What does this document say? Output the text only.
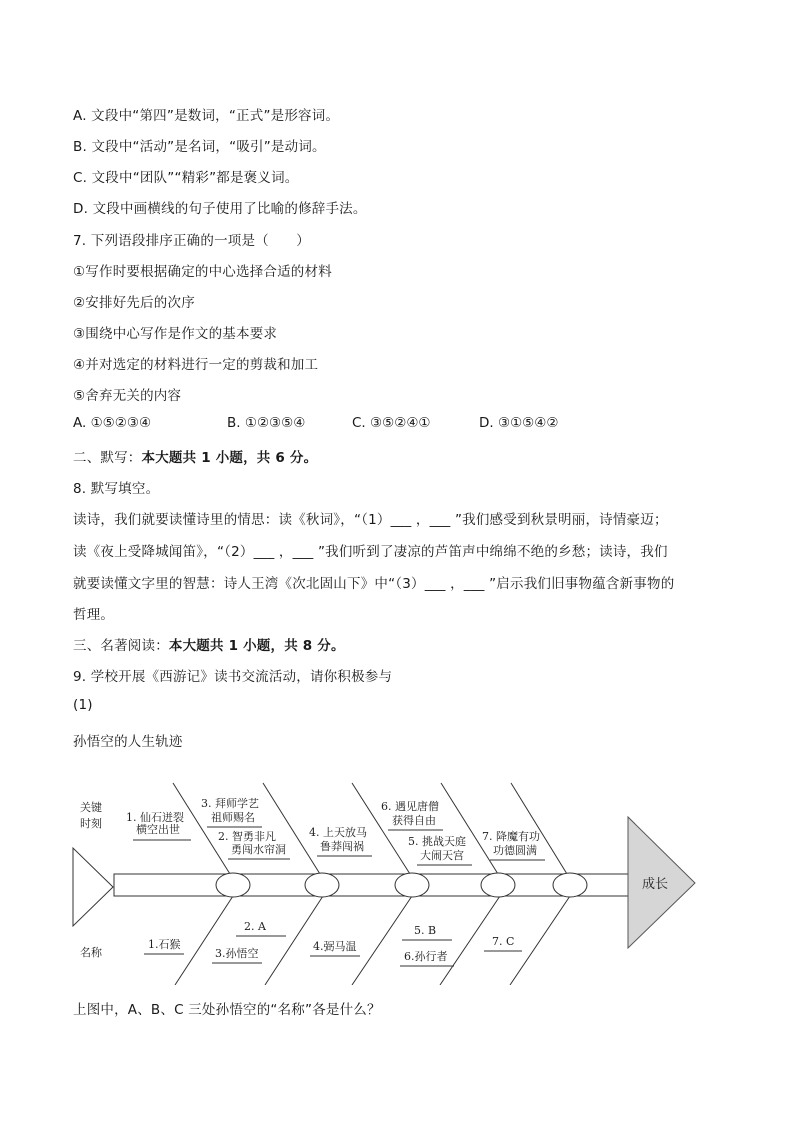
A. 文段中“第四”是数词，“正式”是形容词。
B. 文段中“活动”是名词，“吸引”是动词。
C. 文段中“团队”“精彩”都是褒义词。
D. 文段中画横线的句子使用了比喻的修辞手法。
7. 下列语段排序正确的一项是（　　）
①写作时要根据确定的中心选择合适的材料
②安排好先后的次序
③围绕中心写作是作文的基本要求
④并对选定的材料进行一定的剪裁和加工
⑤舍弃无关的内容
A. ①⑤②③④	B. ①②③⑤④	C. ③⑤②④①	D. ③①⑤④②
二、默写：本大题共 1 小题，共 6 分。
8. 默写填空。
读诗，我们就要读懂诗里的情思：读《秋词》，“（1）___ ，___ ”我们感受到秋景明丽，诗情豪迈；
读《夜上受降城闻笛》，“（2）___ ，___ ”我们听到了凄凉的芦笛声中绵绵不绝的乡愁；读诗，我们
就要读懂文字里的智慧：诗人王湾《次北固山下》中“（3）___ ，___ ”启示我们旧事物蕴含新事物的
哲理。
三、名著阅读：本大题共 1 小题，共 8 分。
9. 学校开展《西游记》读书交流活动，请你积极参与
(1)
孙悟空的人生轨迹
成长
关键
时刻
名称
1. 仙石迸裂
横空出世
3. 拜师学艺
祖师赐名
2. 智勇非凡
勇闯水帘洞
4. 上天放马
鲁莽闯祸
6. 遇见唐僧
获得自由
5. 挑战天庭
大闹天宫
7. 降魔有功
功德圆满
1.石猴
2. A
3.孙悟空
4.弼马温
5. B
6.孙行者
7. C
上图中，A、B、C 三处孙悟空的“名称”各是什么？
